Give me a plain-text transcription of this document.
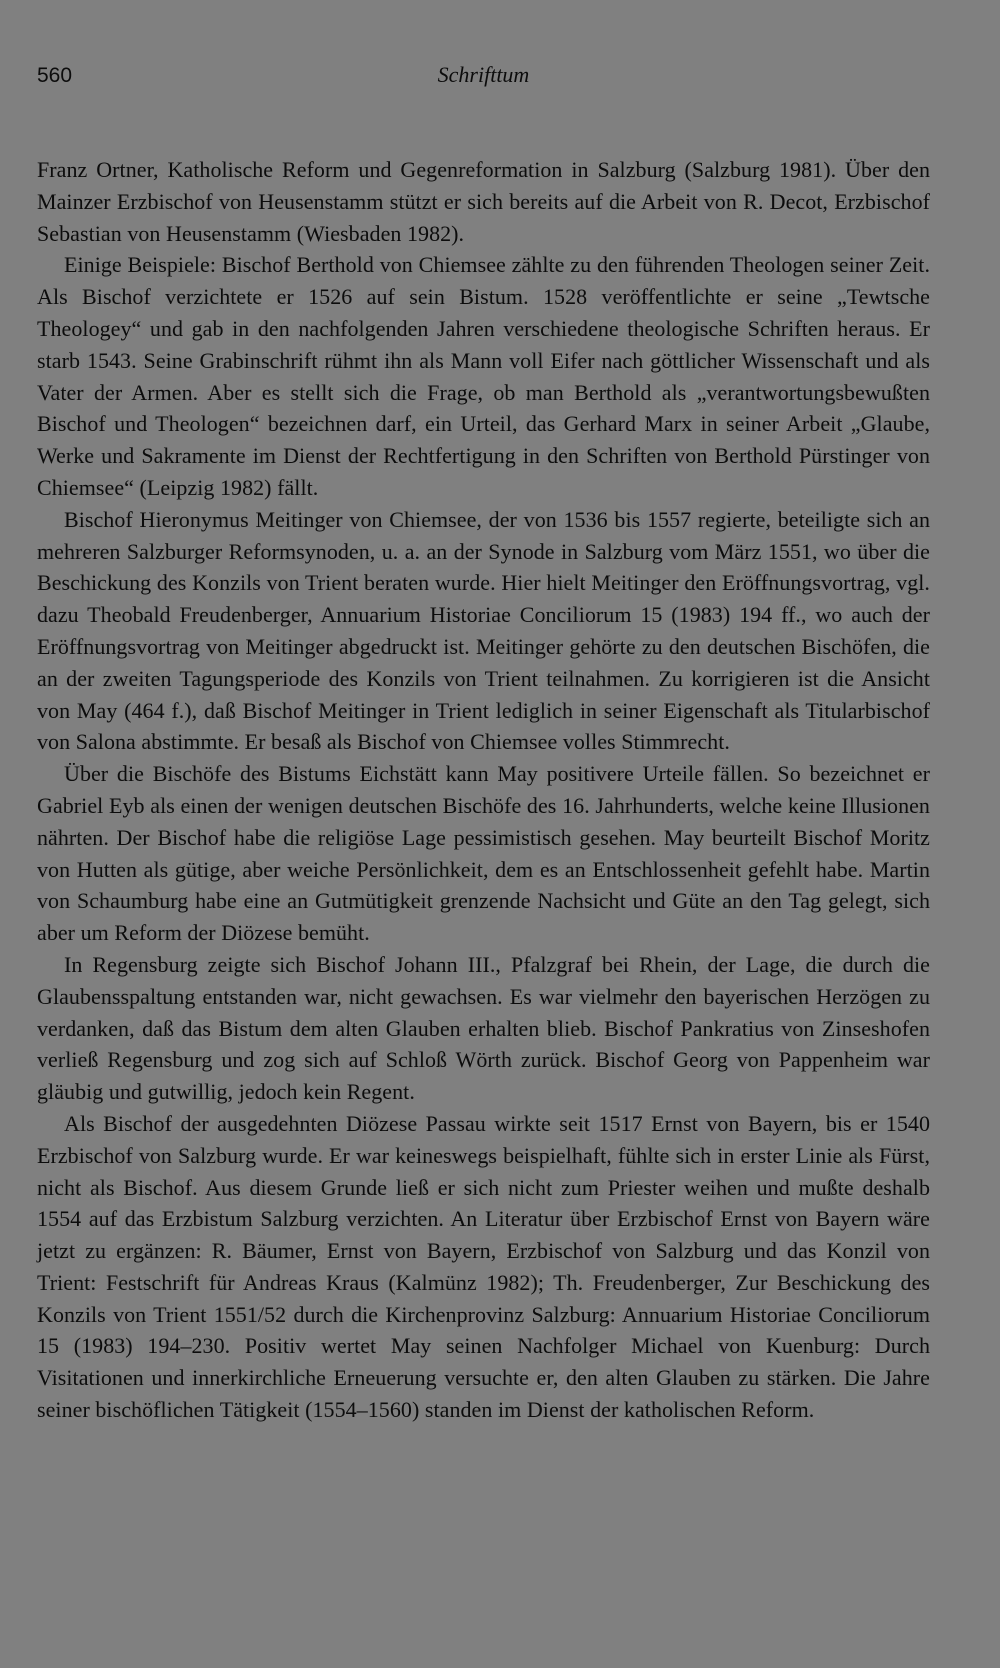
560	Schrifttum

Franz Ortner, Katholische Reform und Gegenreformation in Salzburg (Salzburg 1981). Über den Mainzer Erzbischof von Heusenstamm stützt er sich bereits auf die Arbeit von R. Decot, Erzbischof Sebastian von Heusenstamm (Wiesbaden 1982).

Einige Beispiele: Bischof Berthold von Chiemsee zählte zu den führenden Theologen seiner Zeit. Als Bischof verzichtete er 1526 auf sein Bistum. 1528 veröffentlichte er seine „Tewtsche Theologey“ und gab in den nachfolgenden Jahren verschiedene theologische Schriften heraus. Er starb 1543. Seine Grabinschrift rühmt ihn als Mann voll Eifer nach göttlicher Wissenschaft und als Vater der Armen. Aber es stellt sich die Frage, ob man Berthold als „verantwortungsbewußten Bischof und Theologen“ bezeichnen darf, ein Urteil, das Gerhard Marx in seiner Arbeit „Glaube, Werke und Sakramente im Dienst der Rechtfertigung in den Schriften von Berthold Pürstinger von Chiemsee“ (Leipzig 1982) fällt.

Bischof Hieronymus Meitinger von Chiemsee, der von 1536 bis 1557 regierte, beteiligte sich an mehreren Salzburger Reformsynoden, u. a. an der Synode in Salzburg vom März 1551, wo über die Beschickung des Konzils von Trient beraten wurde. Hier hielt Meitinger den Eröffnungsvortrag, vgl. dazu Theobald Freudenberger, Annuarium Historiae Conciliorum 15 (1983) 194 ff., wo auch der Eröffnungsvortrag von Meitinger abgedruckt ist. Meitinger gehörte zu den deutschen Bischöfen, die an der zweiten Tagungsperiode des Konzils von Trient teilnahmen. Zu korrigieren ist die Ansicht von May (464 f.), daß Bischof Meitinger in Trient lediglich in seiner Eigenschaft als Titularbischof von Salona abstimmte. Er besaß als Bischof von Chiemsee volles Stimmrecht.

Über die Bischöfe des Bistums Eichstätt kann May positivere Urteile fällen. So bezeichnet er Gabriel Eyb als einen der wenigen deutschen Bischöfe des 16. Jahrhunderts, welche keine Illusionen nährten. Der Bischof habe die religiöse Lage pessimistisch gesehen. May beurteilt Bischof Moritz von Hutten als gütige, aber weiche Persönlichkeit, dem es an Entschlossenheit gefehlt habe. Martin von Schaumburg habe eine an Gutmütigkeit grenzende Nachsicht und Güte an den Tag gelegt, sich aber um Reform der Diözese bemüht.

In Regensburg zeigte sich Bischof Johann III., Pfalzgraf bei Rhein, der Lage, die durch die Glaubensspaltung entstanden war, nicht gewachsen. Es war vielmehr den bayerischen Herzögen zu verdanken, daß das Bistum dem alten Glauben erhalten blieb. Bischof Pankratius von Zinseshofen verließ Regensburg und zog sich auf Schloß Wörth zurück. Bischof Georg von Pappenheim war gläubig und gutwillig, jedoch kein Regent.

Als Bischof der ausgedehnten Diözese Passau wirkte seit 1517 Ernst von Bayern, bis er 1540 Erzbischof von Salzburg wurde. Er war keineswegs beispielhaft, fühlte sich in erster Linie als Fürst, nicht als Bischof. Aus diesem Grunde ließ er sich nicht zum Priester weihen und mußte deshalb 1554 auf das Erzbistum Salzburg verzichten. An Literatur über Erzbischof Ernst von Bayern wäre jetzt zu ergänzen: R. Bäumer, Ernst von Bayern, Erzbischof von Salzburg und das Konzil von Trient: Festschrift für Andreas Kraus (Kalmünz 1982); Th. Freudenberger, Zur Beschickung des Konzils von Trient 1551/52 durch die Kirchenprovinz Salzburg: Annuarium Historiae Conciliorum 15 (1983) 194–230. Positiv wertet May seinen Nachfolger Michael von Kuenburg: Durch Visitationen und innerkirchliche Erneuerung versuchte er, den alten Glauben zu stärken. Die Jahre seiner bischöflichen Tätigkeit (1554–1560) standen im Dienst der katholischen Reform.
